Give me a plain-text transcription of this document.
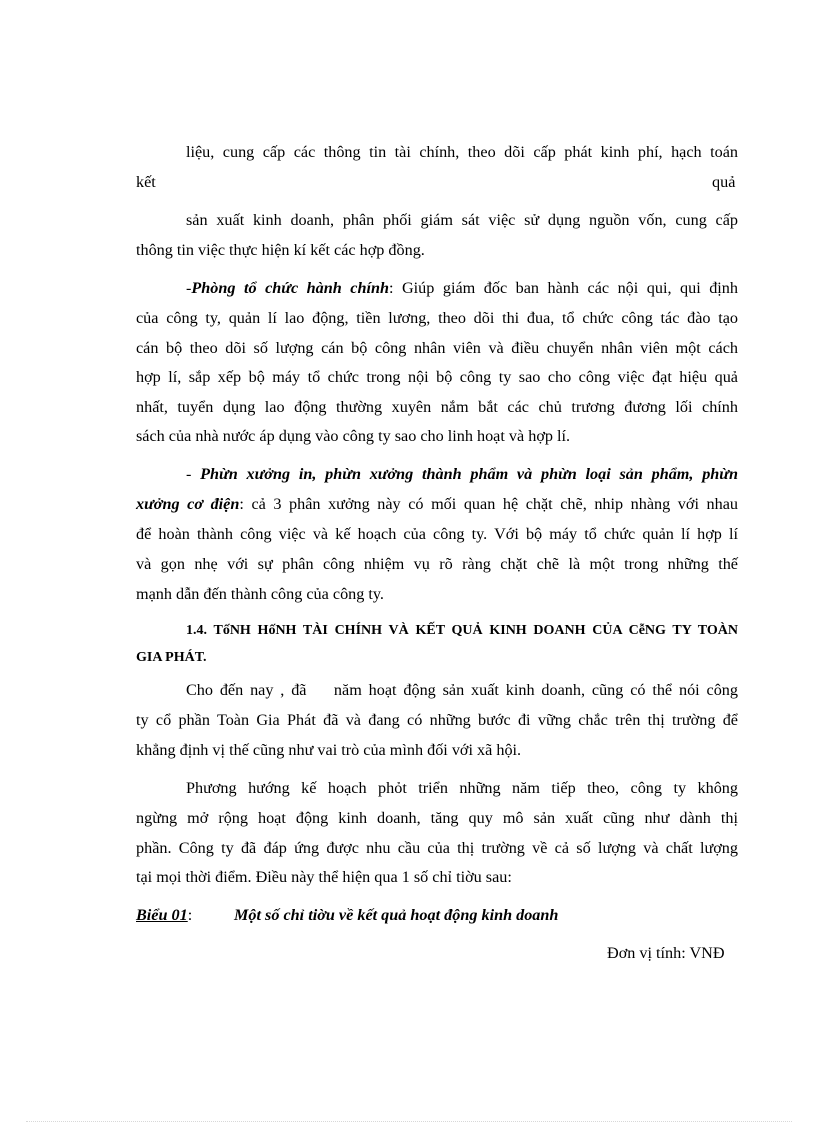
liệu, cung cấp các thông tin tài chính, theo dõi cấp phát kinh phí, hạch toán
kết	quả
sản xuất kinh doanh, phân phối giám sát việc sử dụng nguồn vốn, cung cấp
thông tin việc thực hiện kí kết các hợp đồng.
-Phòng tổ chức hành chính: Giúp giám đốc ban hành các nội qui, qui định
của công ty, quản lí lao động, tiền lương, theo dõi thi đua, tổ chức công tác đào tạo
cán bộ theo dõi số lượng cán bộ công nhân viên và điều chuyển nhân viên một cách
hợp lí, sắp xếp bộ máy tổ chức trong nội bộ công ty sao cho công việc đạt hiệu quả
nhất, tuyển dụng lao động thường xuyên nắm bắt các chủ trương đương lối chính
sách của nhà nước áp dụng vào công ty sao cho linh hoạt và hợp lí.
- Phừn xưởng in, phừn xưởng thành phẩm và phừn loại sản phẩm, phừn
xưởng cơ điện: cả 3 phân xưởng này có mối quan hệ chặt chẽ, nhip nhàng với nhau
để hoàn thành công việc và kế hoạch của công ty. Với bộ máy tổ chức quản lí hợp lí
và gọn nhẹ với sự phân công nhiệm vụ rõ ràng chặt chẽ là một trong những thế
mạnh dẫn đến thành công của công ty.
1.4. TốNH HốNH TÀI CHÍNH VÀ KẾT QUẢ KINH DOANH CỦA CễNG TY TOÀN
GIA PHÁT.
Cho đến nay , đã    năm hoạt động sản xuất kinh doanh, cũng có thể nói công
ty cổ phần Toàn Gia Phát đã và đang có những bước đi vững chắc trên thị trường để
khẳng định vị thế cũng như vai trò của mình đối với xã hội.
Phương hướng kế hoạch phỏt triển những năm tiếp theo, công ty không
ngừng mở rộng hoạt động kinh doanh, tăng quy mô sản xuất cũng như dành thị
phần. Công ty đã đáp ứng được nhu cầu của thị trường về cả số lượng và chất lượng
tại mọi thời điểm. Điều này thể hiện qua 1 số chỉ tiờu sau:
Biểu 01:	Một số chỉ tiờu về kết quả hoạt động kinh doanh
Đơn vị tính: VNĐ
